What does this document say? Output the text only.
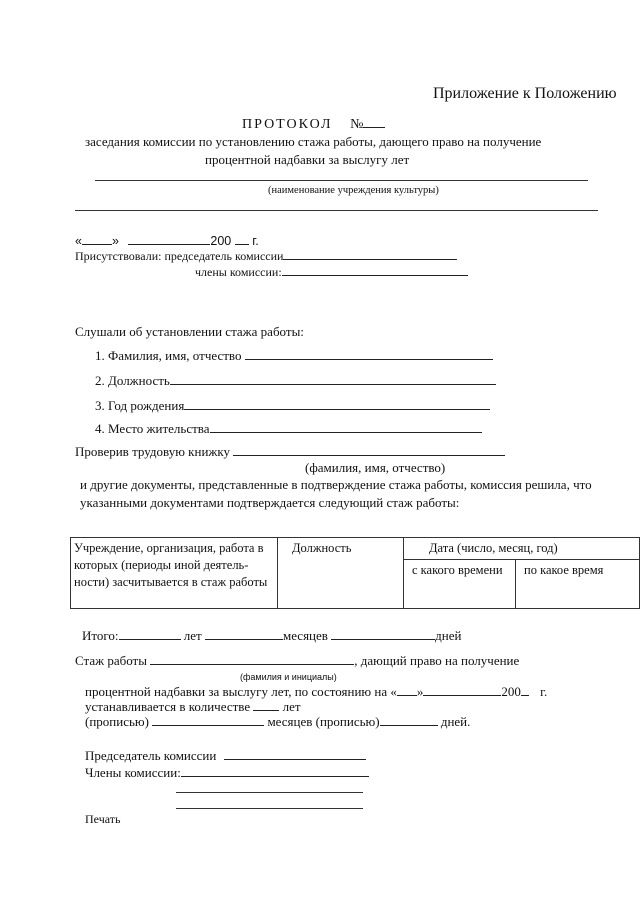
Приложение к Положению
ПРОТОКОЛ №
заседания комиссии по установлению стажа работы, дающего право на получение
процентной надбавки за выслугу лет
(наименование учреждения культуры)
« »	200 г.
Присутствовали: председатель комиссии
члены комиссии:
Слушали об установлении стажа работы:
1. Фамилия, имя, отчество
2. Должность
3. Год рождения
4. Место жительства
Проверив трудовую книжку
(фамилия, имя, отчество)
и другие документы, представленные в подтверждение стажа работы, комиссия решила, что
указанными документами подтверждается следующий стаж работы:
Учреждение, организация, работа в которых (периоды иной деятель-ности) засчитывается в стаж работы	Должность	Дата (число, месяц, год)	
		с какого времени	по какое время
Итого:	лет	месяцев	дней
Стаж работы	, дающий право на получение
(фамилия и инициалы)
процентной надбавки за выслугу лет, по состоянию на « »	200 г.
устанавливается в количестве	лет
(прописью)	месяцев (прописью)	дней.
Председатель комиссии
Члены комиссии:
Печать
